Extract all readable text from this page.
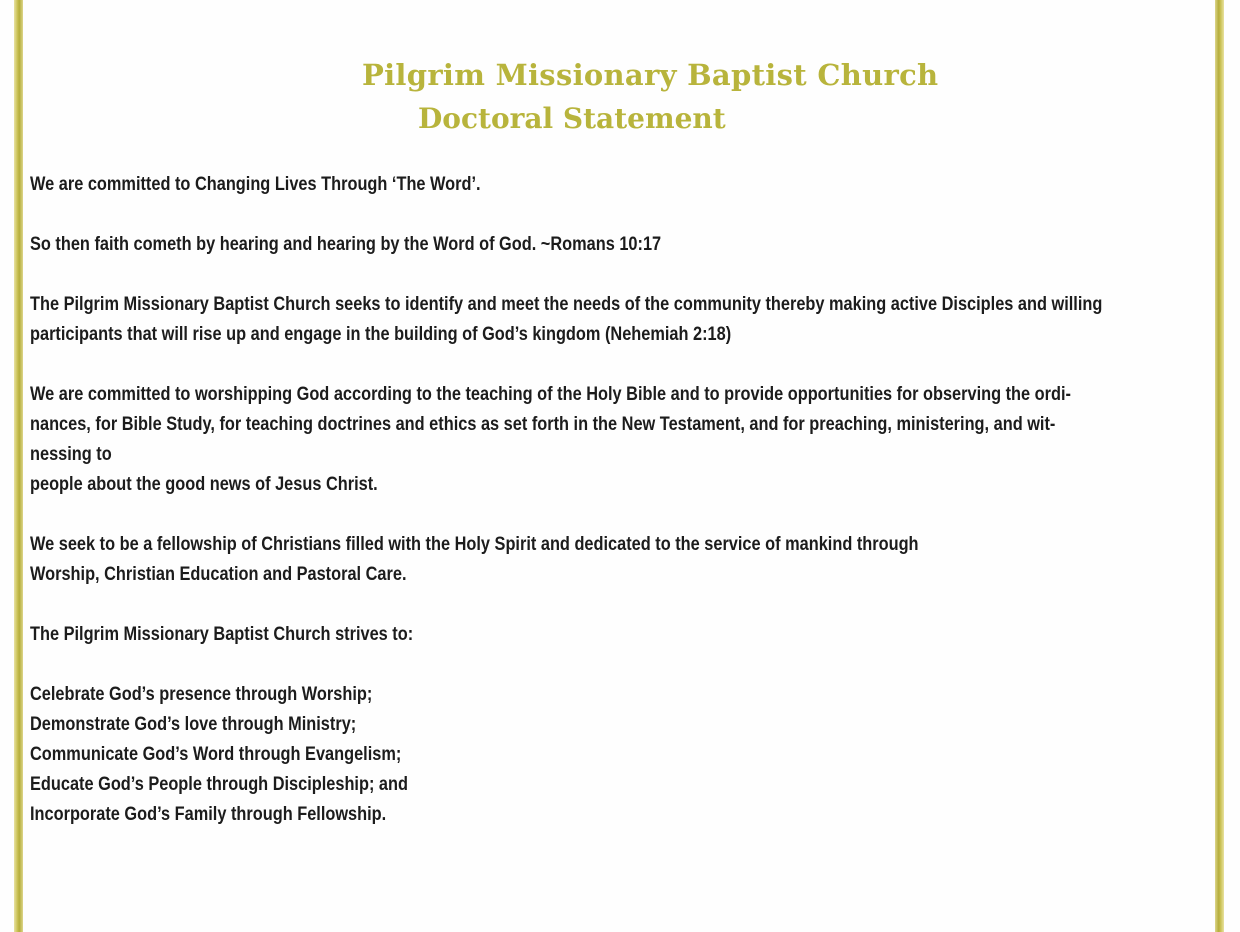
Pilgrim Missionary Baptist Church
Doctoral Statement

We are committed to Changing Lives Through ‘The Word’.

So then faith cometh by hearing and hearing by the Word of God. ~Romans 10:17

The Pilgrim Missionary Baptist Church seeks to identify and meet the needs of the community thereby making active Disciples and willing
participants that will rise up and engage in the building of God’s kingdom (Nehemiah 2:18)

We are committed to worshipping God according to the teaching of the Holy Bible and to provide opportunities for observing the ordi-
nances, for Bible Study, for teaching doctrines and ethics as set forth in the New Testament, and for preaching, ministering, and wit-
nessing to
people about the good news of Jesus Christ.

We seek to be a fellowship of Christians filled with the Holy Spirit and dedicated to the service of mankind through
Worship, Christian Education and Pastoral Care.

The Pilgrim Missionary Baptist Church strives to:

Celebrate God’s presence through Worship;
Demonstrate God’s love through Ministry;
Communicate God’s Word through Evangelism;
Educate God’s People through Discipleship; and
Incorporate God’s Family through Fellowship.
